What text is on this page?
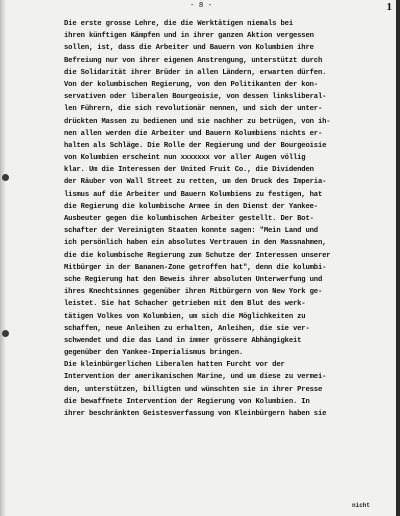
- 8 -	1
Die erste grosse Lehre, die die Werktätigen niemals bei
ihren künftigen Kämpfen und in ihrer ganzen Aktion vergessen
sollen, ist, dass die Arbeiter und Bauern von Kolumbien ihre
Befreiung nur von ihrer eigenen Anstrengung, unterstützt durch
die Solidarität ihrer Brüder in allen Ländern, erwarten dürfen.
Von der kolumbischen Regierung, von den Politikanten der kon-
servativen oder liberalen Bourgeoisie, von dessen linksliberal-
len Führern, die sich revolutionär nennen, und sich der unter-
drückten Massen zu bedienen und sie nachher zu betrügen, von ih-
nen allen werden die Arbeiter und Bauern Kolumbiens nichts er-
halten als Schläge. Die Rolle der Regierung und der Bourgeoisie
von Kolumbien erscheint nun xxxxxxx vor aller Augen völlig
klar. Um die Interessen der United Fruit Co., die Dividenden
der Räuber von Wall Street zu retten, um den Druck des Imperia-
lismus auf die Arbeiter und Bauern Kolumbiens zu festigen, hat
die Regierung die kolumbische Armee in den Dienst der Yankee-
Ausbeuter gegen die kolumbischen Arbeiter gestellt. Der Bot-
schafter der Vereinigten Staaten konnte sagen: "Mein Land und
ich persönlich haben ein absolutes Vertrauen in den Massnahmen,
die die kolumbische Regierung zum Schutze der Interessen unserer
Mitbürger in der Bananen-Zone getroffen hat", denn die kolumbi-
sche Regierung hat den Beweis ihrer absoluten Unterwerfung und
ihres Knechtsinnes gegenüber ihren Mitbürgern von New York ge-
leistet. Sie hat Schacher getrieben mit dem Blut des werk-
tätigen Volkes von Kolumbien, um sich die Möglichkeiten zu
schaffen, neue Anleihen zu erhalten, Anleihen, die sie ver-
schwendet und die das Land in immer grössere Abhängigkeit
gegenüber den Yankee-Imperialismus bringen.
Die kleinbürgerlichen Liberalen hatten Furcht vor der
Intervention der amerikanischen Marine, und um diese zu vermei-
den, unterstützen, billigten und wünschten sie in ihrer Presse
die bewaffnete Intervention der Regierung von Kolumbien. In
ihrer beschränkten Geistesverfassung von Kleinbürgern haben sie
nicht
